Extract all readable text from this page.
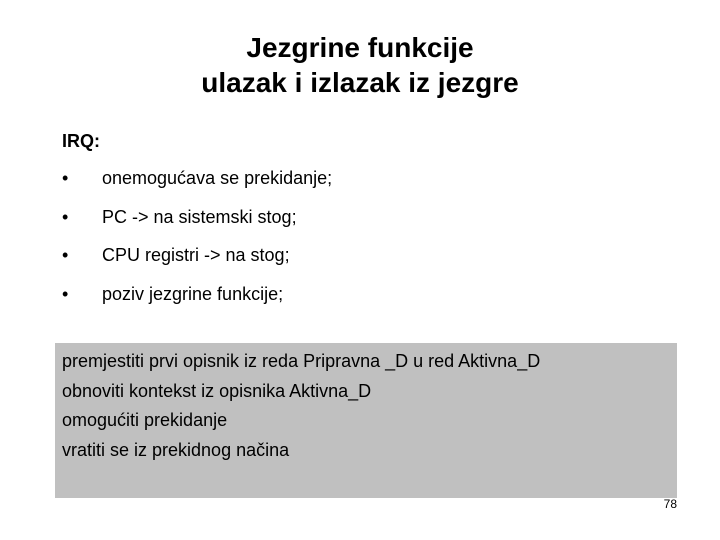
Jezgrine funkcije
ulazak i izlazak iz jezgre
IRQ:
•	onemogućava se prekidanje;
•	PC -> na sistemski stog;
•	CPU registri -> na stog;
•	poziv jezgrine funkcije;
premjestiti prvi opisnik iz reda Pripravna _D u red Aktivna_D
obnoviti kontekst iz opisnika Aktivna_D
omogućiti prekidanje
vratiti se iz prekidnog načina
78
